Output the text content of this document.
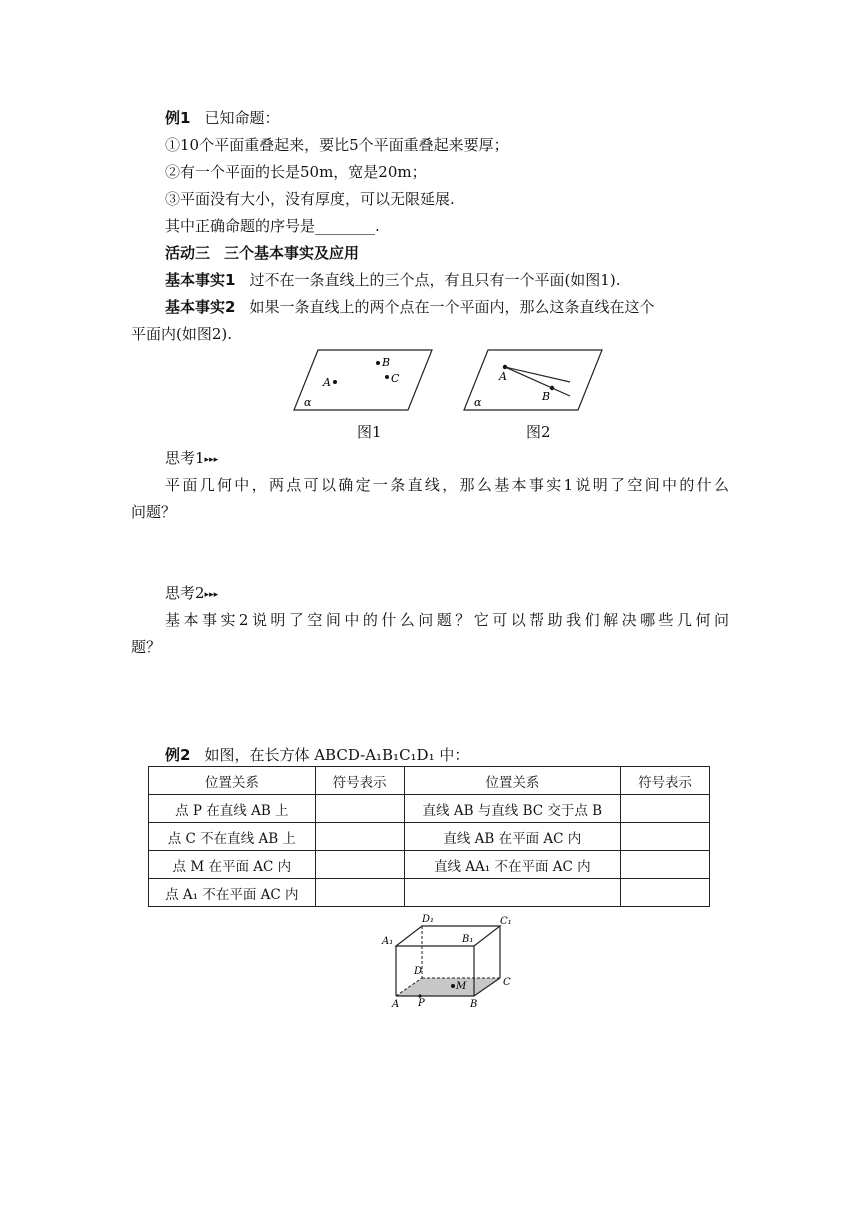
例1 已知命题：
①10个平面重叠起来，要比5个平面重叠起来要厚；
②有一个平面的长是50m，宽是20m；
③平面没有大小，没有厚度，可以无限延展.
其中正确命题的序号是________.
活动三 三个基本事实及应用
基本事实1 过不在一条直线上的三个点，有且只有一个平面(如图1).
基本事实2 如果一条直线上的两个点在一个平面内，那么这条直线在这个
平面内(如图2).
α
A
B
C
图1
α
A
B
图2
思考1▸▸▸
平面几何中，两点可以确定一条直线，那么基本事实1说明了空间中的什么
问题？
思考2▸▸▸
基本事实2说明了空间中的什么问题？它可以帮助我们解决哪些几何问
题？
例2 如图，在长方体 ABCD-A₁B₁C₁D₁ 中：
位置关系	符号表示	位置关系	符号表示
点 P 在直线 AB 上		直线 AB 与直线 BC 交于点 B	
点 C 不在直线 AB 上		直线 AB 在平面 AC 内	
点 M 在平面 AC 内		直线 AA₁ 不在平面 AC 内	
点 A₁ 不在平面 AC 内			
D₁	C₁
A₁	B₁
D
C
A P
M
B
